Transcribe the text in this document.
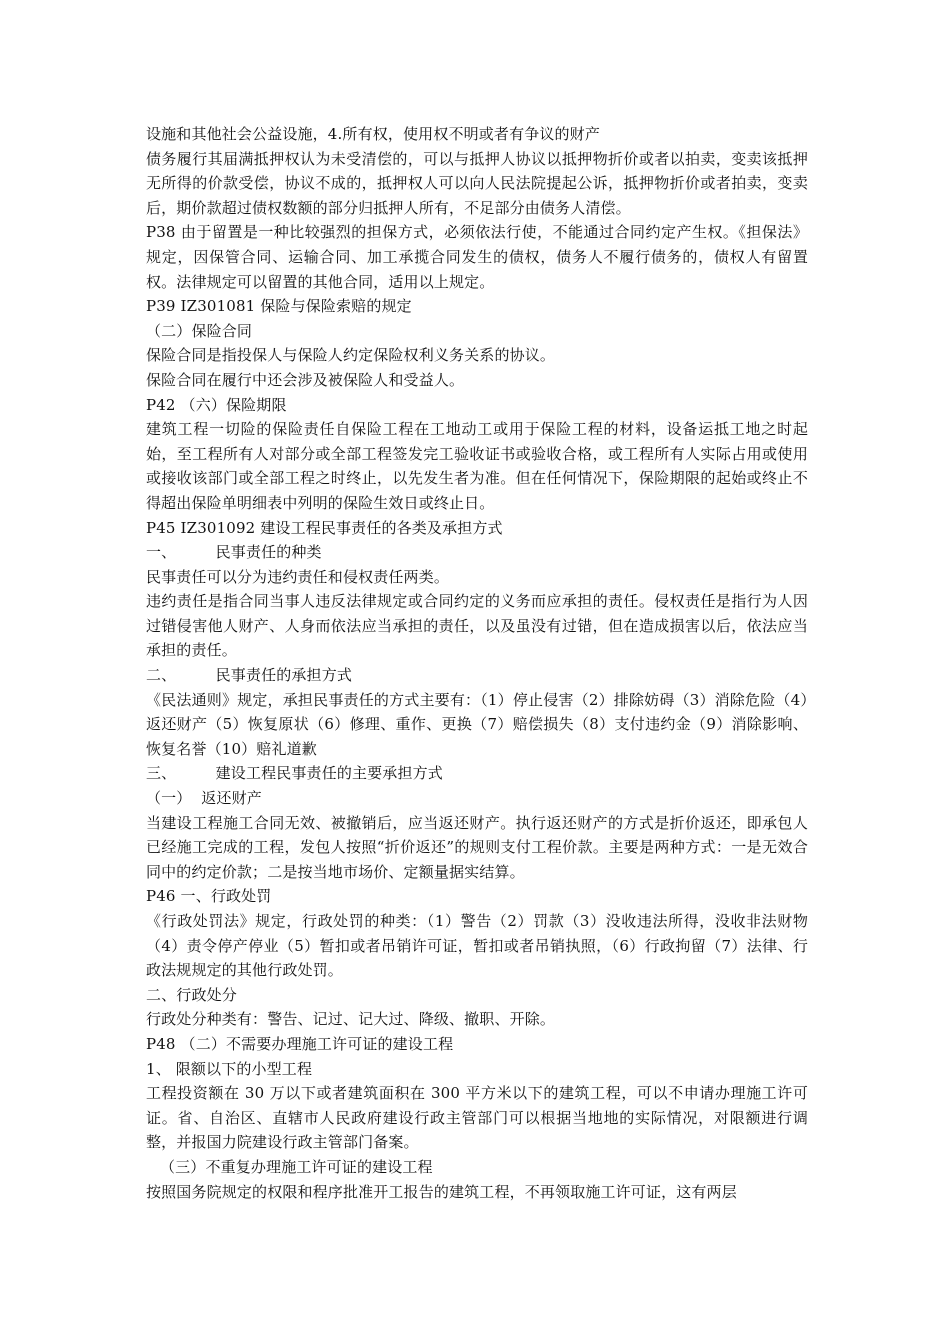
设施和其他社会公益设施，4.所有权，使用权不明或者有争议的财产

债务履行其届满抵押权认为未受清偿的，可以与抵押人协议以抵押物折价或者以拍卖，变卖该抵押无所得的价款受偿，协议不成的，抵押权人可以向人民法院提起公诉，抵押物折价或者拍卖，变卖后，期价款超过债权数额的部分归抵押人所有，不足部分由债务人清偿。

P38 由于留置是一种比较强烈的担保方式，必须依法行使，不能通过合同约定产生权。《担保法》规定，因保管合同、运输合同、加工承揽合同发生的债权，债务人不履行债务的，债权人有留置权。法律规定可以留置的其他合同，适用以上规定。

P39 IZ301081 保险与保险索赔的规定

（二）保险合同

保险合同是指投保人与保险人约定保险权利义务关系的协议。

保险合同在履行中还会涉及被保险人和受益人。

P42 （六）保险期限

建筑工程一切险的保险责任自保险工程在工地动工或用于保险工程的材料，设备运抵工地之时起始，至工程所有人对部分或全部工程签发完工验收证书或验收合格，或工程所有人实际占用或使用或接收该部门或全部工程之时终止，以先发生者为准。但在任何情况下，保险期限的起始或终止不得超出保险单明细表中列明的保险生效日或终止日。

P45 IZ301092 建设工程民事责任的各类及承担方式

一、        民事责任的种类

民事责任可以分为违约责任和侵权责任两类。

违约责任是指合同当事人违反法律规定或合同约定的义务而应承担的责任。侵权责任是指行为人因过错侵害他人财产、人身而依法应当承担的责任，以及虽没有过错，但在造成损害以后，依法应当承担的责任。

二、        民事责任的承担方式

《民法通则》规定，承担民事责任的方式主要有：（1）停止侵害（2）排除妨碍（3）消除危险（4）返还财产（5）恢复原状（6）修理、重作、更换（7）赔偿损失（8）支付违约金（9）消除影响、恢复名誉（10）赔礼道歉

三、        建设工程民事责任的主要承担方式

（一）  返还财产

当建设工程施工合同无效、被撤销后，应当返还财产。执行返还财产的方式是折价返还，即承包人已经施工完成的工程，发包人按照“折价返还”的规则支付工程价款。主要是两种方式：一是无效合同中的约定价款；二是按当地市场价、定额量据实结算。

P46 一、行政处罚

《行政处罚法》规定，行政处罚的种类：（1）警告（2）罚款（3）没收违法所得，没收非法财物（4）责令停产停业（5）暂扣或者吊销许可证，暂扣或者吊销执照，（6）行政拘留（7）法律、行政法规规定的其他行政处罚。

二、行政处分

行政处分种类有：警告、记过、记大过、降级、撤职、开除。

P48 （二）不需要办理施工许可证的建设工程

1、 限额以下的小型工程

工程投资额在 30 万以下或者建筑面积在 300 平方米以下的建筑工程，可以不申请办理施工许可证。省、自治区、直辖市人民政府建设行政主管部门可以根据当地地的实际情况，对限额进行调整，并报国力院建设行政主管部门备案。

（三）不重复办理施工许可证的建设工程

按照国务院规定的权限和程序批准开工报告的建筑工程，不再领取施工许可证，这有两层
